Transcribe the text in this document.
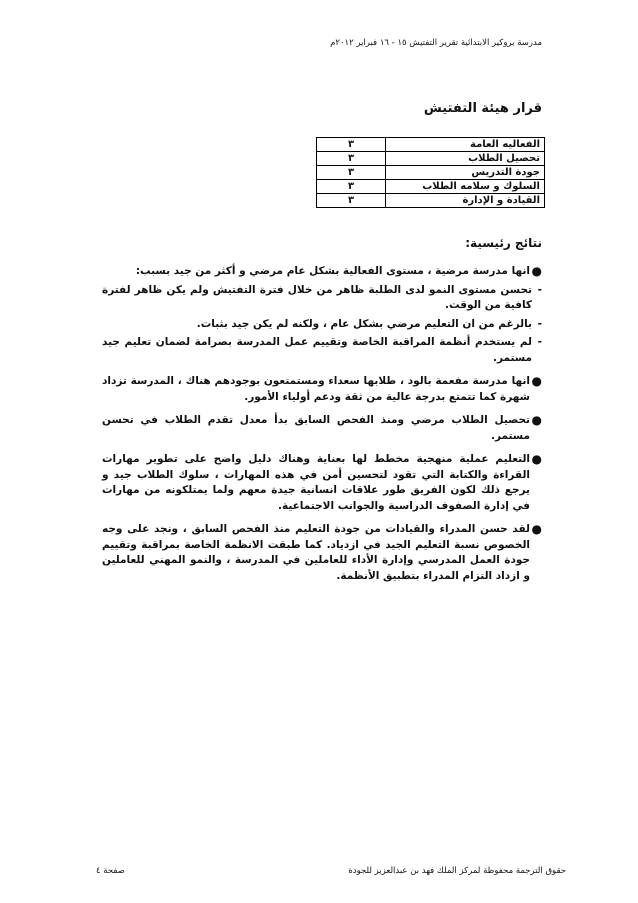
مدرسة بروكير الابتدائية تقرير التفتيش ١٥ - ١٦ فبراير ٢٠١٢م
قرار هيئة التفتيش
الفعاليه العامة	٣
تحصيل الطلاب	٣
جودة التدريس	٣
السلوك و سلامه الطلاب	٣
القيادة و الإدارة	٣
نتائج رئيسية:
●
انها مدرسة مرضية ، مستوى الفعالية بشكل عام مرضي و أكثر من جيد بسبب:
-
تحسن مستوى النمو لدى الطلبة ظاهر من خلال فترة التفتيش ولم يكن ظاهر لفترة كافية من الوقت.
-
بالرغم من ان التعليم مرضي بشكل عام ، ولكنه لم يكن جيد بثبات.
-
لم يستخدم أنظمة المراقبة الخاصة وتقييم عمل المدرسة بصرامة لضمان تعليم جيد مستمر.
●
انها مدرسة مفعمة بالود ، طلابها سعداء ومستمتعون بوجودهم هناك ، المدرسة تزداد شهرة كما تتمتع بدرجة عالية من ثقة ودعم أولياء الأمور.
●
تحصيل الطلاب مرضي ومنذ الفحص السابق بدأ معدل تقدم الطلاب في تحسن مستمر.
●
التعليم عملية منهجية مخطط لها بعناية وهناك دليل واضح على تطوير مهارات القراءة والكتابة التي تقود لتحسين أمن في هذه المهارات ، سلوك الطلاب جيد و يرجع ذلك لكون الفريق طور علاقات انسانية جيدة معهم ولما يمتلكونه من مهارات في إدارة الصفوف الدراسية والجوانب الاجتماعية.
●
لقد حسن المدراء والقيادات من جودة التعليم منذ الفحص السابق ، ونجد على وجه الخصوص نسبة التعليم الجيد في ازدياد. كما طبقت الانظمة الخاصة بمراقبة وتقييم جودة العمل المدرسي وإدارة الأداء للعاملين في المدرسة ، والنمو المهني للعاملين و ازداد التزام المدراء بتطبيق الأنظمة.
صفحة ٤	حقوق الترجمة محفوظة لمركز الملك فهد بن عبدالعزيز للجودة
